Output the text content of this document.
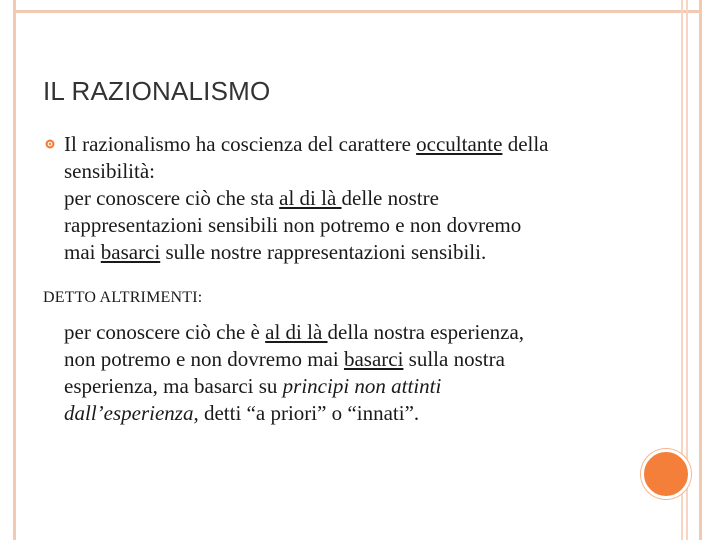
IL RAZIONALISMO
Il razionalismo ha coscienza del carattere occultante della
sensibilità:
per conoscere ciò che sta al di là delle nostre
rappresentazioni sensibili non potremo e non dovremo
mai basarci sulle nostre rappresentazioni sensibili.
DETTO ALTRIMENTI:
per conoscere ciò che è al di là della nostra esperienza,
non potremo e non dovremo mai basarci sulla nostra
esperienza, ma basarci su principi non attinti
dall’esperienza, detti “a priori” o “innati”.
